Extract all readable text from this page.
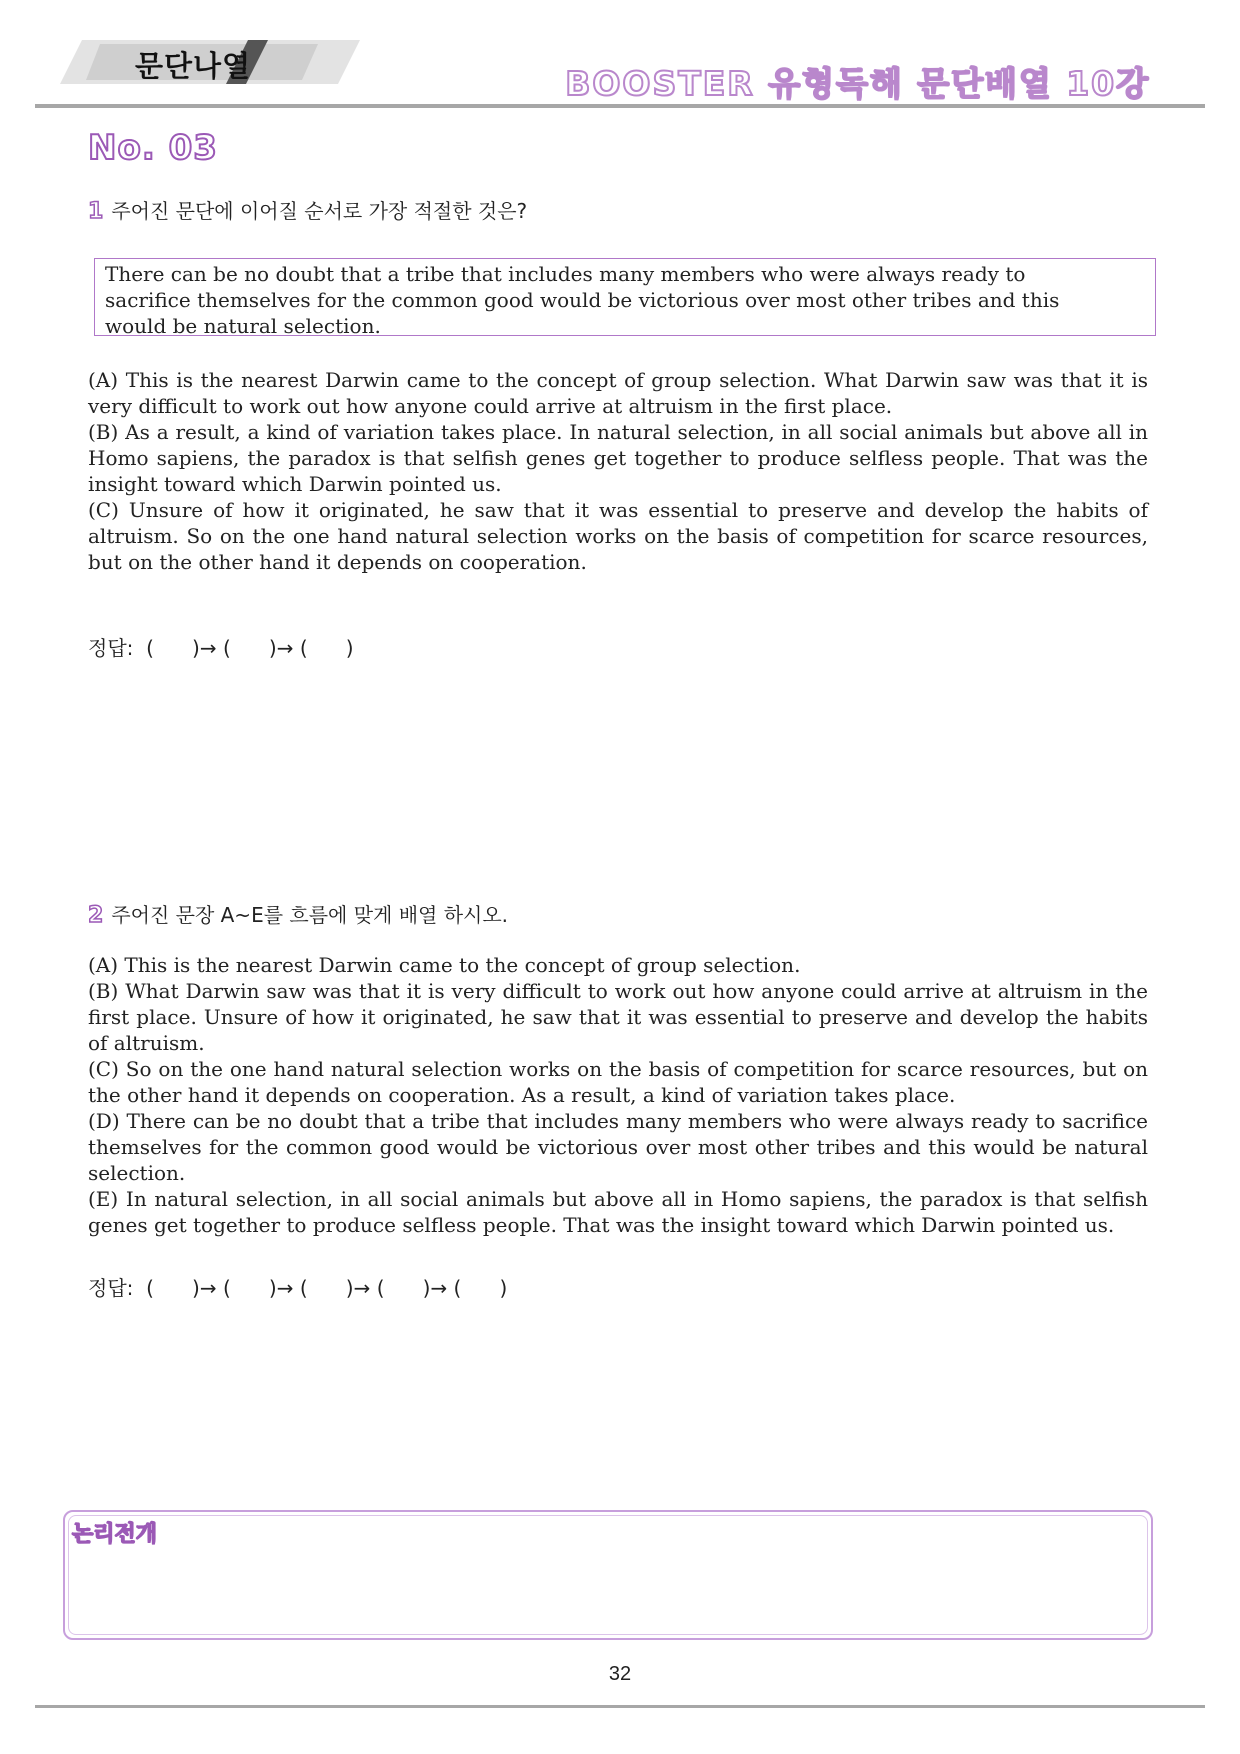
문단나열	BOOSTER 유형독해 문단배열 10강
No. 03
1 주어진 문단에 이어질 순서로 가장 적절한 것은?
There can be no doubt that a tribe that includes many members who were always ready to sacrifice themselves for the common good would be victorious over most other tribes and this would be natural selection.

(A) This is the nearest Darwin came to the concept of group selection. What Darwin saw was that it is very difficult to work out how anyone could arrive at altruism in the first place.

(B) As a result, a kind of variation takes place. In natural selection, in all social animals but above all in Homo sapiens, the paradox is that selfish genes get together to produce selfless people. That was the insight toward which Darwin pointed us.

(C) Unsure of how it originated, he saw that it was essential to preserve and develop the habits of altruism. So on the one hand natural selection works on the basis of competition for scarce resources, but on the other hand it depends on cooperation.

정답:  (      )→ (      )→ (      )
2 주어진 문장 A~E를 흐름에 맞게 배열 하시오.

(A) This is the nearest Darwin came to the concept of group selection.

(B) What Darwin saw was that it is very difficult to work out how anyone could arrive at altruism in the first place. Unsure of how it originated, he saw that it was essential to preserve and develop the habits of altruism.

(C) So on the one hand natural selection works on the basis of competition for scarce resources, but on the other hand it depends on cooperation. As a result, a kind of variation takes place.

(D) There can be no doubt that a tribe that includes many members who were always ready to sacrifice themselves for the common good would be victorious over most other tribes and this would be natural selection.

(E) In natural selection, in all social animals but above all in Homo sapiens, the paradox is that selfish genes get together to produce selfless people. That was the insight toward which Darwin pointed us.

정답:  (      )→ (      )→ (      )→ (      )→ (      )
논리전개
32
